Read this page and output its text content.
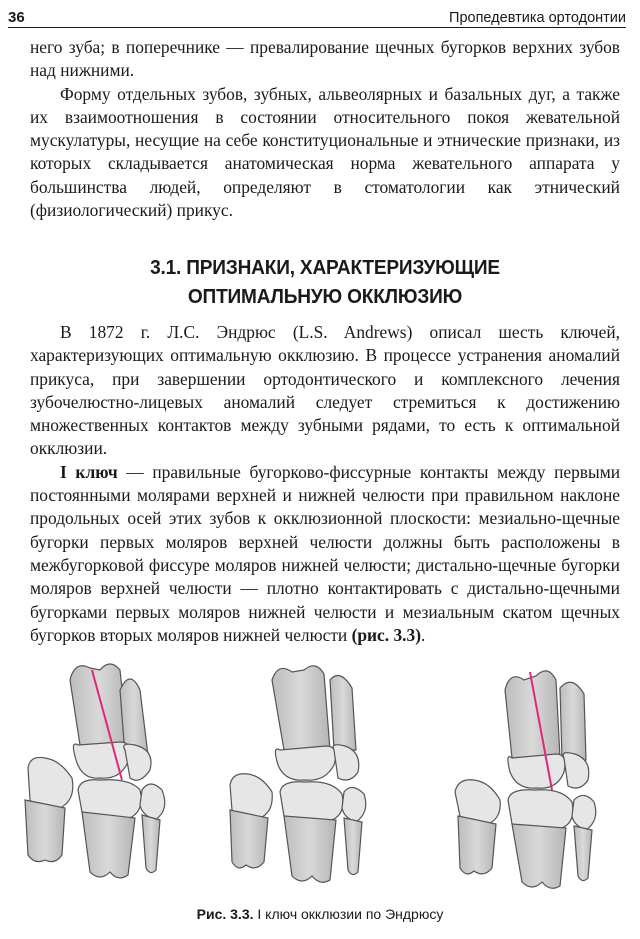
36	Пропедевтика ортодонтии

него зуба; в поперечнике — превалирование щечных бугорков верхних зубов над нижними.

Форму отдельных зубов, зубных, альвеолярных и базальных дуг, а также их взаимоотношения в состоянии относительного покоя жевательной мускулатуры, несущие на себе конституциональные и этнические признаки, из которых складывается анатомическая норма жевательного аппарата у большинства людей, определяют в стоматологии как этнический (физиологический) прикус.

3.1. ПРИЗНАКИ, ХАРАКТЕРИЗУЮЩИЕ
ОПТИМАЛЬНУЮ ОККЛЮЗИЮ

В 1872 г. Л.С. Эндрюс (L.S. Andrews) описал шесть ключей, характеризующих оптимальную окклюзию. В процессе устранения аномалий прикуса, при завершении ортодонтического и комплексного лечения зубочелюстно-лицевых аномалий следует стремиться к достижению множественных контактов между зубными рядами, то есть к оптимальной окклюзии.

I ключ — правильные бугорково-фиссурные контакты между первыми постоянными молярами верхней и нижней челюсти при правильном наклоне продольных осей этих зубов к окклюзионной плоскости: мезиально-щечные бугорки первых моляров верхней челюсти должны быть расположены в межбугорковой фиссуре моляров нижней челюсти; дистально-щечные бугорки моляров верхней челюсти — плотно контактировать с дистально-щечными бугорками первых моляров нижней челюсти и мезиальным скатом щечных бугорков вторых моляров нижней челюсти (рис. 3.3).

Рис. 3.3. I ключ окклюзии по Эндрюсу
